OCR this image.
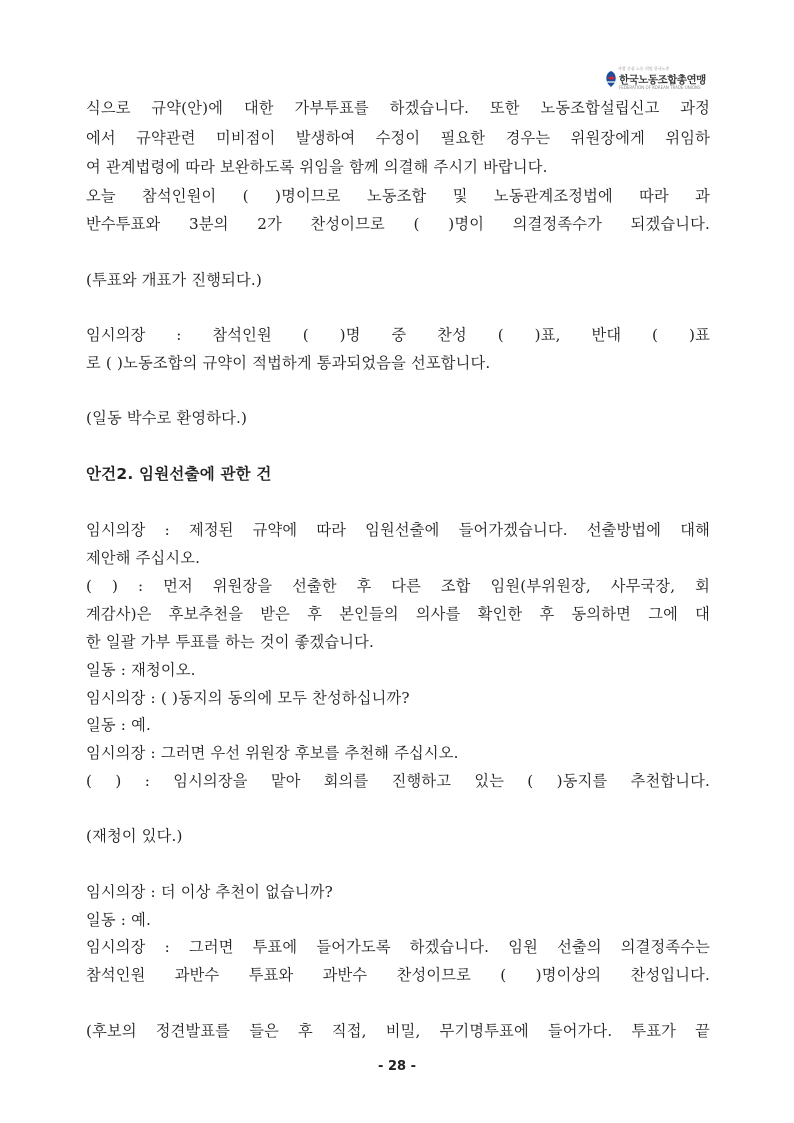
사람 중심 노동 희망 한국노총
한국노동조합총연맹
FEDERATION OF KOREAN TRADE UNIONS
식으로 규약(안)에 대한 가부투표를 하겠습니다. 또한 노동조합설립신고 과정
에서 규약관련 미비점이 발생하여 수정이 필요한 경우는 위원장에게 위임하
여 관계법령에 따라 보완하도록 위임을 함께 의결해 주시기 바랍니다.
오늘 참석인원이 ( )명이므로 노동조합 및 노동관계조정법에 따라 과
반수투표와 3분의 2가 찬성이므로 ( )명이 의결정족수가 되겠습니다.
(투표와 개표가 진행되다.)
임시의장 : 참석인원 ( )명 중 찬성 ( )표, 반대 ( )표
로 ( )노동조합의 규약이 적법하게 통과되었음을 선포합니다.
(일동 박수로 환영하다.)
안건2. 임원선출에 관한 건
임시의장 : 제정된 규약에 따라 임원선출에 들어가겠습니다. 선출방법에 대해
제안해 주십시오.
( ) : 먼저 위원장을 선출한 후 다른 조합 임원(부위원장, 사무국장, 회
계감사)은 후보추천을 받은 후 본인들의 의사를 확인한 후 동의하면 그에 대
한 일괄 가부 투표를 하는 것이 좋겠습니다.
일동 : 재청이오.
임시의장 : ( )동지의 동의에 모두 찬성하십니까?
일동 : 예.
임시의장 : 그러면 우선 위원장 후보를 추천해 주십시오.
( ) : 임시의장을 맡아 회의를 진행하고 있는 ( )동지를 추천합니다.
(재청이 있다.)
임시의장 : 더 이상 추천이 없습니까?
일동 : 예.
임시의장 : 그러면 투표에 들어가도록 하겠습니다. 임원 선출의 의결정족수는
참석인원 과반수 투표와 과반수 찬성이므로 ( )명이상의 찬성입니다.
(후보의 정견발표를 들은 후 직접, 비밀, 무기명투표에 들어가다. 투표가 끝
- 28 -
